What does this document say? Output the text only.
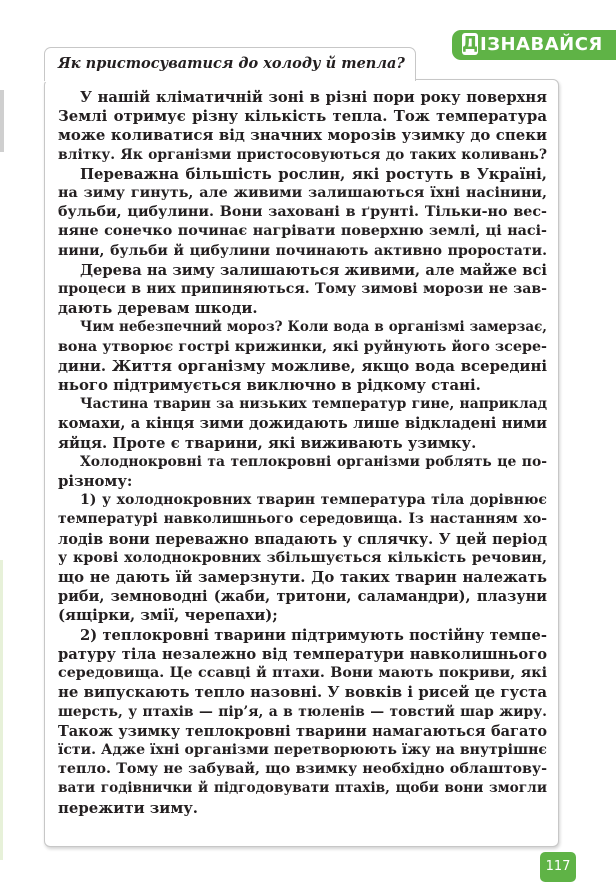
ДІЗНАВАЙСЯ
Як пристосуватися до холоду й тепла?
У нашій кліматичній зоні в різні пори року поверхня
Землі отримує різну кількість тепла. Тож температура
може коливатися від значних морозів узимку до спеки
влітку. Як організми пристосовуються до таких коливань?
Переважна більшість рослин, які ростуть в Україні,
на зиму гинуть, але живими залишаються їхні насінини,
бульби, цибулини. Вони заховані в ґрунті. Тільки-но вес-
няне сонечко починає нагрівати поверхню землі, ці насі-
нини, бульби й цибулини починають активно проростати.
Дерева на зиму залишаються живими, але майже всі
процеси в них припиняються. Тому зимові морози не зав-
дають деревам шкоди.
Чим небезпечний мороз? Коли вода в організмі замерзає,
вона утворює гострі крижинки, які руйнують його зсере-
дини. Життя організму можливе, якщо вода всередині
нього підтримується виключно в рідкому стані.
Частина тварин за низьких температур гине, наприклад
комахи, а кінця зими дожидають лише відкладені ними
яйця. Проте є тварини, які виживають узимку.
Холоднокровні та теплокровні організми роблять це по-
різному:
1) у холоднокровних тварин температура тіла дорівнює
температурі навколишнього середовища. Із настанням хо-
лодів вони переважно впадають у сплячку. У цей період
у крові холоднокровних збільшується кількість речовин,
що не дають їй замерзнути. До таких тварин належать
риби, земноводні (жаби, тритони, саламандри), плазуни
(ящірки, змії, черепахи);
2) теплокровні тварини підтримують постійну темпе-
ратуру тіла незалежно від температури навколишнього
середовища. Це ссавці й птахи. Вони мають покриви, які
не випускають тепло назовні. У вовків і рисей це густа
шерсть, у птахів — пір’я, а в тюленів — товстий шар жиру.
Також узимку теплокровні тварини намагаються багато
їсти. Адже їхні організми перетворюють їжу на внутрішнє
тепло. Тому не забувай, що взимку необхідно облаштову-
вати годівнички й підгодовувати птахів, щоби вони змогли
пережити зиму.
117
